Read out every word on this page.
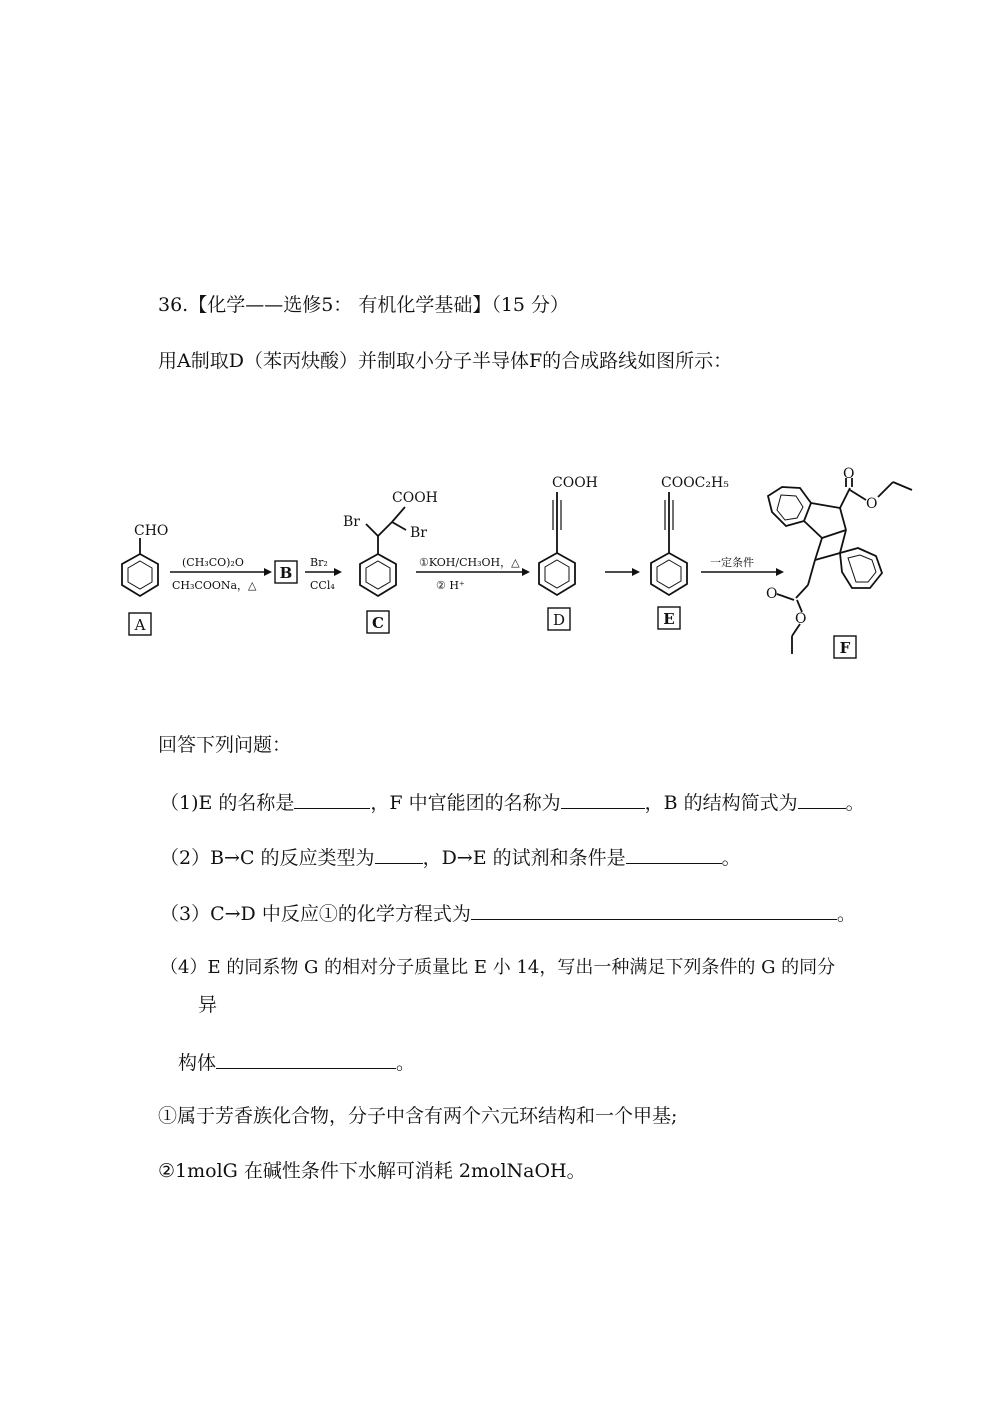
36.【化学——选修5： 有机化学基础】（15 分）
用A制取D（苯丙炔酸）并制取小分子半导体F的合成路线如图所示：
A
B
C	D	E
F
CHO
COOH
Br
Br
COOH	COOC₂H₅
O
O
O
O
(CH₃CO)₂O
CH₃COONa，△
Br₂
CCl₄
①KOH/CH₃OH，△
② H⁺
一定条件
回答下列问题：
（1)E 的名称是	，F 中官能团的名称为	，B 的结构简式为	。
（2）B→C 的反应类型为	，D→E 的试剂和条件是	。
（3）C→D 中反应①的化学方程式为	。
（4）E 的同系物 G 的相对分子质量比 E 小 14，写出一种满足下列条件的 G 的同分
异
构体	。
①属于芳香族化合物，分子中含有两个六元环结构和一个甲基;
②1molG 在碱性条件下水解可消耗 2molNaOH。
